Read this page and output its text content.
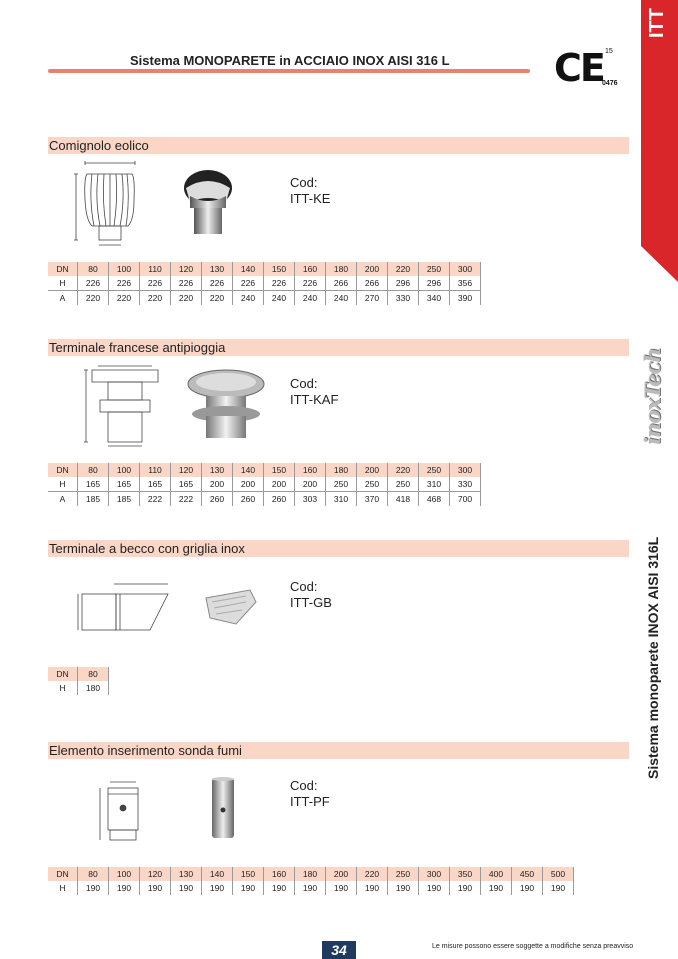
Sistema MONOPARETE in ACCIAIO INOX AISI 316 L	CE 15
0476
ITT
inoxTech
Sistema monoparete INOX AISI 316L
Comignolo eolico
Cod:
ITT-KE
DN	80	100	110	120	130	140	150	160	180	200	220	250	300
H	226	226	226	226	226	226	226	226	266	266	296	296	356
A	220	220	220	220	220	240	240	240	240	270	330	340	390
Terminale francese antipioggia
Cod:
ITT-KAF
DN	80	100	110	120	130	140	150	160	180	200	220	250	300
H	165	165	165	165	200	200	200	200	250	250	250	310	330
A	185	185	222	222	260	260	260	303	310	370	418	468	700
Terminale a becco con griglia inox
Cod:
ITT-GB
DN	80
H	180
Elemento inserimento sonda fumi
Cod:
ITT-PF
DN	80	100	120	130	140	150	160	180	200	220	250	300	350	400	450	500
H	190	190	190	190	190	190	190	190	190	190	190	190	190	190	190	190
34	Le misure possono essere soggette a modifiche senza preavviso
